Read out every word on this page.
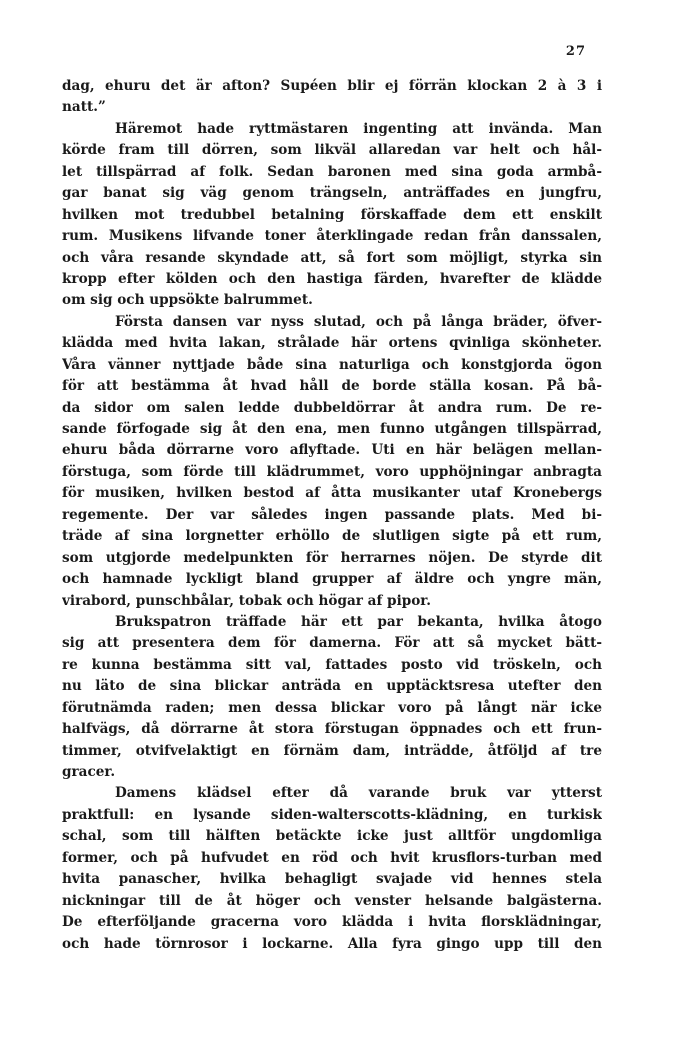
27
dag, ehuru det är afton? Supéen blir ej förrän klockan 2 à 3 i
natt.”
Häremot hade ryttmästaren ingenting att invända. Man
körde fram till dörren, som likväl allaredan var helt och hål-
let tillspärrad af folk. Sedan baronen med sina goda armbå-
gar banat sig väg genom trängseln, anträffades en jungfru,
hvilken mot tredubbel betalning förskaffade dem ett enskilt
rum. Musikens lifvande toner återklingade redan från danssalen,
och våra resande skyndade att, så fort som möjligt, styrka sin
kropp efter kölden och den hastiga färden, hvarefter de klädde
om sig och uppsökte balrummet.
Första dansen var nyss slutad, och på långa bräder, öfver-
klädda med hvita lakan, strålade här ortens qvinliga skönheter.
Våra vänner nyttjade både sina naturliga och konstgjorda ögon
för att bestämma åt hvad håll de borde ställa kosan. På bå-
da sidor om salen ledde dubbeldörrar åt andra rum. De re-
sande förfogade sig åt den ena, men funno utgången tillspärrad,
ehuru båda dörrarne voro aflyftade. Uti en här belägen mellan-
förstuga, som förde till klädrummet, voro upphöjningar anbragta
för musiken, hvilken bestod af åtta musikanter utaf Kronebergs
regemente. Der var således ingen passande plats. Med bi-
träde af sina lorgnetter erhöllo de slutligen sigte på ett rum,
som utgjorde medelpunkten för herrarnes nöjen. De styrde dit
och hamnade lyckligt bland grupper af äldre och yngre män,
virabord, punschbålar, tobak och högar af pipor.
Brukspatron träffade här ett par bekanta, hvilka åtogo
sig att presentera dem för damerna. För att så mycket bätt-
re kunna bestämma sitt val, fattades posto vid tröskeln, och
nu läto de sina blickar anträda en upptäcktsresa utefter den
förutnämda raden; men dessa blickar voro på långt när icke
halfvägs, då dörrarne åt stora förstugan öppnades och ett frun-
timmer, otvifvelaktigt en förnäm dam, inträdde, åtföljd af tre
gracer.
Damens klädsel efter då varande bruk var ytterst
praktfull: en lysande siden-walterscotts-klädning, en turkisk
schal, som till hälften betäckte icke just alltför ungdomliga
former, och på hufvudet en röd och hvit krusflors-turban med
hvita panascher, hvilka behagligt svajade vid hennes stela
nickningar till de åt höger och venster helsande balgästerna.
De efterföljande gracerna voro klädda i hvita florsklädningar,
och hade törnrosor i lockarne. Alla fyra gingo upp till den
